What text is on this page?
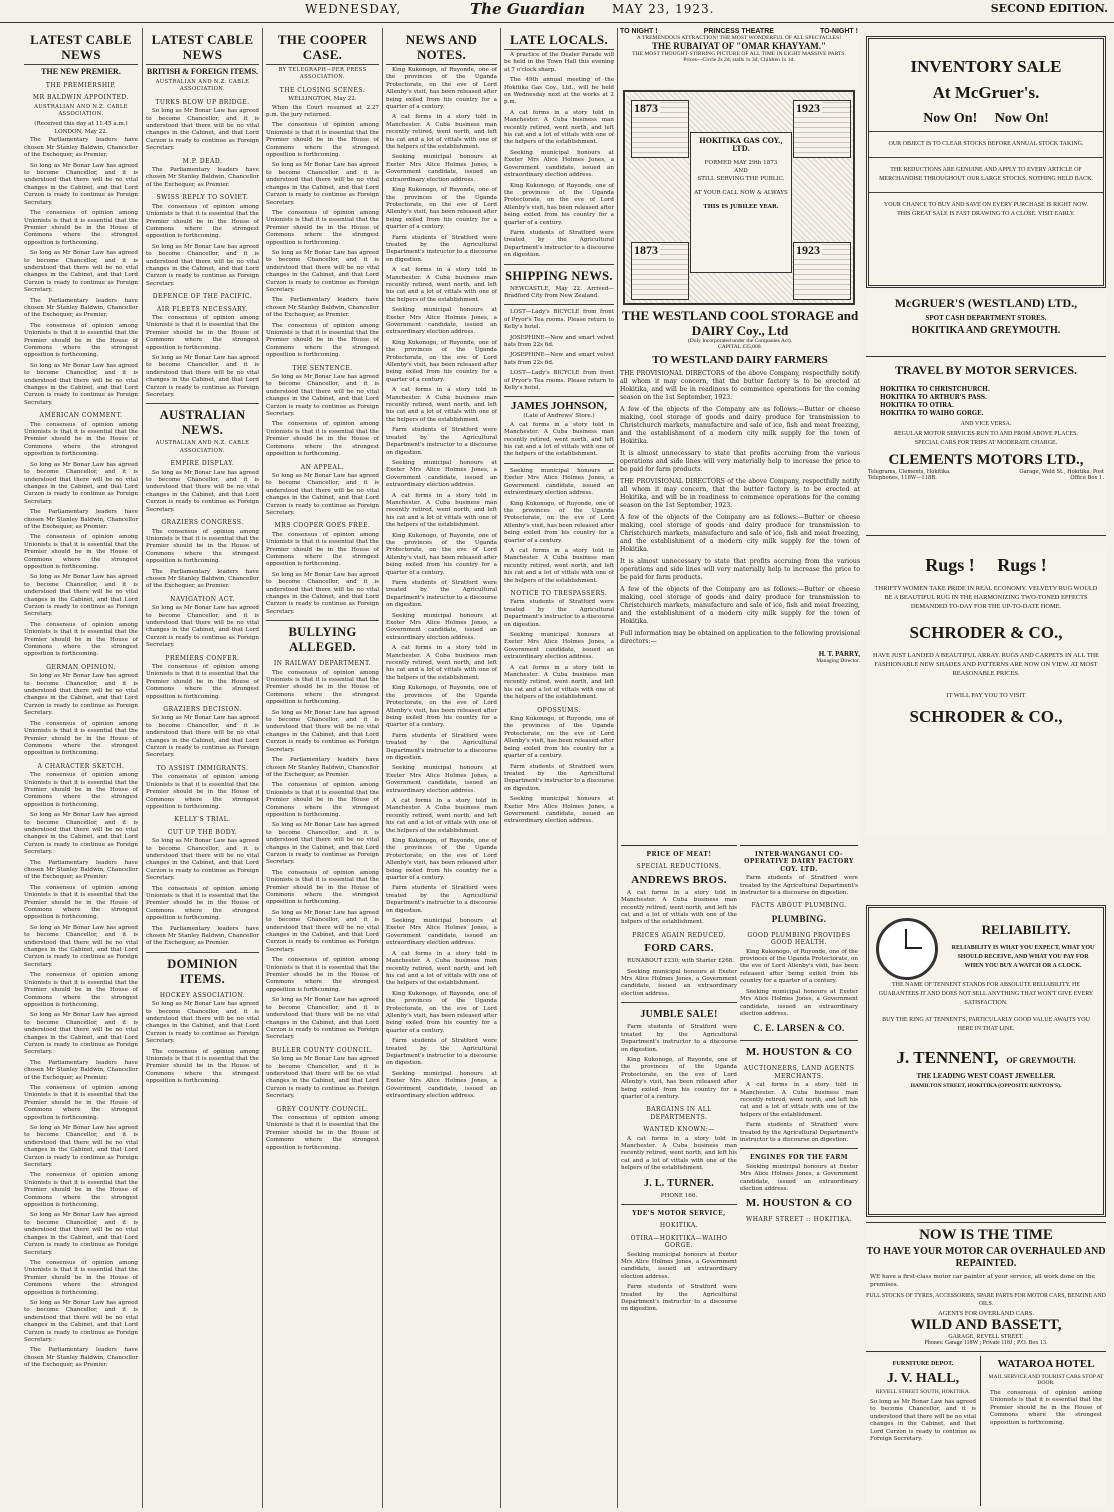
WEDNESDAY,	The Guardian MAY 23, 1923.	SECOND EDITION.
LATEST CABLE NEWS
THE NEW PREMIER.
THE PREMIERSHIP.
MR BALDWIN APPOINTED.
AUSTRALIAN AND N.Z. CABLE ASSOCIATION.
(Received this day at 11.45 a.m.)
LONDON, May 22.

The Parliamentary leaders have chosen Mr Stanley Baldwin, Chancellor of the Exchequer, as Premier.

So long as Mr Bonar Law has agreed to become Chancellor, and it is understood that there will be no vital changes in the Cabinet, and that Lord Curzon is ready to continue as Foreign Secretary.

The consensus of opinion among Unionists is that it is essential that the Premier should be in the House of Commons where the strongest opposition is forthcoming.

So long as Mr Bonar Law has agreed to become Chancellor, and it is understood that there will be no vital changes in the Cabinet, and that Lord Curzon is ready to continue as Foreign Secretary.

The Parliamentary leaders have chosen Mr Stanley Baldwin, Chancellor of the Exchequer, as Premier.

The consensus of opinion among Unionists is that it is essential that the Premier should be in the House of Commons where the strongest opposition is forthcoming.

So long as Mr Bonar Law has agreed to become Chancellor, and it is understood that there will be no vital changes in the Cabinet, and that Lord Curzon is ready to continue as Foreign Secretary.

AMERICAN COMMENT.

The consensus of opinion among Unionists is that it is essential that the Premier should be in the House of Commons where the strongest opposition is forthcoming.

So long as Mr Bonar Law has agreed to become Chancellor, and it is understood that there will be no vital changes in the Cabinet, and that Lord Curzon is ready to continue as Foreign Secretary.

The Parliamentary leaders have chosen Mr Stanley Baldwin, Chancellor of the Exchequer, as Premier.

The consensus of opinion among Unionists is that it is essential that the Premier should be in the House of Commons where the strongest opposition is forthcoming.

So long as Mr Bonar Law has agreed to become Chancellor, and it is understood that there will be no vital changes in the Cabinet, and that Lord Curzon is ready to continue as Foreign Secretary.

The consensus of opinion among Unionists is that it is essential that the Premier should be in the House of Commons where the strongest opposition is forthcoming.

GERMAN OPINION.

So long as Mr Bonar Law has agreed to become Chancellor, and it is understood that there will be no vital changes in the Cabinet, and that Lord Curzon is ready to continue as Foreign Secretary.

The consensus of opinion among Unionists is that it is essential that the Premier should be in the House of Commons where the strongest opposition is forthcoming.

A CHARACTER SKETCH.

The consensus of opinion among Unionists is that it is essential that the Premier should be in the House of Commons where the strongest opposition is forthcoming.

So long as Mr Bonar Law has agreed to become Chancellor, and it is understood that there will be no vital changes in the Cabinet, and that Lord Curzon is ready to continue as Foreign Secretary.

The Parliamentary leaders have chosen Mr Stanley Baldwin, Chancellor of the Exchequer, as Premier.

The consensus of opinion among Unionists is that it is essential that the Premier should be in the House of Commons where the strongest opposition is forthcoming.

So long as Mr Bonar Law has agreed to become Chancellor, and it is understood that there will be no vital changes in the Cabinet, and that Lord Curzon is ready to continue as Foreign Secretary.

The consensus of opinion among Unionists is that it is essential that the Premier should be in the House of Commons where the strongest opposition is forthcoming.

So long as Mr Bonar Law has agreed to become Chancellor, and it is understood that there will be no vital changes in the Cabinet, and that Lord Curzon is ready to continue as Foreign Secretary.

The Parliamentary leaders have chosen Mr Stanley Baldwin, Chancellor of the Exchequer, as Premier.

The consensus of opinion among Unionists is that it is essential that the Premier should be in the House of Commons where the strongest opposition is forthcoming.

So long as Mr Bonar Law has agreed to become Chancellor, and it is understood that there will be no vital changes in the Cabinet, and that Lord Curzon is ready to continue as Foreign Secretary.

The consensus of opinion among Unionists is that it is essential that the Premier should be in the House of Commons where the strongest opposition is forthcoming.

So long as Mr Bonar Law has agreed to become Chancellor, and it is understood that there will be no vital changes in the Cabinet, and that Lord Curzon is ready to continue as Foreign Secretary.

The consensus of opinion among Unionists is that it is essential that the Premier should be in the House of Commons where the strongest opposition is forthcoming.

So long as Mr Bonar Law has agreed to become Chancellor, and it is understood that there will be no vital changes in the Cabinet, and that Lord Curzon is ready to continue as Foreign Secretary.

The Parliamentary leaders have chosen Mr Stanley Baldwin, Chancellor of the Exchequer, as Premier.

LATEST CABLE NEWS
BRITISH & FOREIGN ITEMS.
AUSTRALIAN AND N.Z. CABLE ASSOCIATION.
TURKS BLOW UP BRIDGE.

So long as Mr Bonar Law has agreed to become Chancellor, and it is understood that there will be no vital changes in the Cabinet, and that Lord Curzon is ready to continue as Foreign Secretary.

M.P. DEAD.

The Parliamentary leaders have chosen Mr Stanley Baldwin, Chancellor of the Exchequer, as Premier.

SWISS REPLY TO SOVIET.

The consensus of opinion among Unionists is that it is essential that the Premier should be in the House of Commons where the strongest opposition is forthcoming.

So long as Mr Bonar Law has agreed to become Chancellor, and it is understood that there will be no vital changes in the Cabinet, and that Lord Curzon is ready to continue as Foreign Secretary.

DEFENCE OF THE PACIFIC.
AIR FLEETS NECESSARY.

The consensus of opinion among Unionists is that it is essential that the Premier should be in the House of Commons where the strongest opposition is forthcoming.

So long as Mr Bonar Law has agreed to become Chancellor, and it is understood that there will be no vital changes in the Cabinet, and that Lord Curzon is ready to continue as Foreign Secretary.

AUSTRALIAN NEWS.
AUSTRALIAN AND N.Z. CABLE ASSOCIATION.
EMPIRE DISPLAY.

So long as Mr Bonar Law has agreed to become Chancellor, and it is understood that there will be no vital changes in the Cabinet, and that Lord Curzon is ready to continue as Foreign Secretary.

GRAZIERS CONGRESS.

The consensus of opinion among Unionists is that it is essential that the Premier should be in the House of Commons where the strongest opposition is forthcoming.

The Parliamentary leaders have chosen Mr Stanley Baldwin, Chancellor of the Exchequer, as Premier.

NAVIGATION ACT.

So long as Mr Bonar Law has agreed to become Chancellor, and it is understood that there will be no vital changes in the Cabinet, and that Lord Curzon is ready to continue as Foreign Secretary.

PREMIERS CONFER.

The consensus of opinion among Unionists is that it is essential that the Premier should be in the House of Commons where the strongest opposition is forthcoming.

GRAZIERS DECISION.

So long as Mr Bonar Law has agreed to become Chancellor, and it is understood that there will be no vital changes in the Cabinet, and that Lord Curzon is ready to continue as Foreign Secretary.

TO ASSIST IMMIGRANTS.

The consensus of opinion among Unionists is that it is essential that the Premier should be in the House of Commons where the strongest opposition is forthcoming.

KELLY'S TRIAL.
CUT UP THE BODY.

So long as Mr Bonar Law has agreed to become Chancellor, and it is understood that there will be no vital changes in the Cabinet, and that Lord Curzon is ready to continue as Foreign Secretary.

The consensus of opinion among Unionists is that it is essential that the Premier should be in the House of Commons where the strongest opposition is forthcoming.

The Parliamentary leaders have chosen Mr Stanley Baldwin, Chancellor of the Exchequer, as Premier.

DOMINION ITEMS.
HOCKEY ASSOCIATION.

So long as Mr Bonar Law has agreed to become Chancellor, and it is understood that there will be no vital changes in the Cabinet, and that Lord Curzon is ready to continue as Foreign Secretary.

The consensus of opinion among Unionists is that it is essential that the Premier should be in the House of Commons where the strongest opposition is forthcoming.

THE COOPER CASE.
BY TELEGRAPH—PER PRESS ASSOCIATION.
THE CLOSING SCENES.
WELLINGTON, May 22.

When the Court resumed at 2.27 p.m. the jury returned.

The consensus of opinion among Unionists is that it is essential that the Premier should be in the House of Commons where the strongest opposition is forthcoming.

So long as Mr Bonar Law has agreed to become Chancellor, and it is understood that there will be no vital changes in the Cabinet, and that Lord Curzon is ready to continue as Foreign Secretary.

The consensus of opinion among Unionists is that it is essential that the Premier should be in the House of Commons where the strongest opposition is forthcoming.

So long as Mr Bonar Law has agreed to become Chancellor, and it is understood that there will be no vital changes in the Cabinet, and that Lord Curzon is ready to continue as Foreign Secretary.

The Parliamentary leaders have chosen Mr Stanley Baldwin, Chancellor of the Exchequer, as Premier.

The consensus of opinion among Unionists is that it is essential that the Premier should be in the House of Commons where the strongest opposition is forthcoming.

THE SENTENCE.

So long as Mr Bonar Law has agreed to become Chancellor, and it is understood that there will be no vital changes in the Cabinet, and that Lord Curzon is ready to continue as Foreign Secretary.

The consensus of opinion among Unionists is that it is essential that the Premier should be in the House of Commons where the strongest opposition is forthcoming.

AN APPEAL.

So long as Mr Bonar Law has agreed to become Chancellor, and it is understood that there will be no vital changes in the Cabinet, and that Lord Curzon is ready to continue as Foreign Secretary.

MRS COOPER GOES FREE.

The consensus of opinion among Unionists is that it is essential that the Premier should be in the House of Commons where the strongest opposition is forthcoming.

So long as Mr Bonar Law has agreed to become Chancellor, and it is understood that there will be no vital changes in the Cabinet, and that Lord Curzon is ready to continue as Foreign Secretary.

BULLYING ALLEGED.
IN RAILWAY DEPARTMENT.

The consensus of opinion among Unionists is that it is essential that the Premier should be in the House of Commons where the strongest opposition is forthcoming.

So long as Mr Bonar Law has agreed to become Chancellor, and it is understood that there will be no vital changes in the Cabinet, and that Lord Curzon is ready to continue as Foreign Secretary.

The Parliamentary leaders have chosen Mr Stanley Baldwin, Chancellor of the Exchequer, as Premier.

The consensus of opinion among Unionists is that it is essential that the Premier should be in the House of Commons where the strongest opposition is forthcoming.

So long as Mr Bonar Law has agreed to become Chancellor, and it is understood that there will be no vital changes in the Cabinet, and that Lord Curzon is ready to continue as Foreign Secretary.

The consensus of opinion among Unionists is that it is essential that the Premier should be in the House of Commons where the strongest opposition is forthcoming.

So long as Mr Bonar Law has agreed to become Chancellor, and it is understood that there will be no vital changes in the Cabinet, and that Lord Curzon is ready to continue as Foreign Secretary.

The consensus of opinion among Unionists is that it is essential that the Premier should be in the House of Commons where the strongest opposition is forthcoming.

So long as Mr Bonar Law has agreed to become Chancellor, and it is understood that there will be no vital changes in the Cabinet, and that Lord Curzon is ready to continue as Foreign Secretary.

BULLER COUNTY COUNCIL.

So long as Mr Bonar Law has agreed to become Chancellor, and it is understood that there will be no vital changes in the Cabinet, and that Lord Curzon is ready to continue as Foreign Secretary.

GREY COUNTY COUNCIL.

The consensus of opinion among Unionists is that it is essential that the Premier should be in the House of Commons where the strongest opposition is forthcoming.

NEWS AND NOTES.

King Kukonogo, of Ruyonde, one of the provinces of the Uganda Protectorate, on the eve of Lord Allenby's visit, has been released after being exiled from his country for a quarter of a century.

A cat forms in a story told in Manchester. A Cuba business man recently retired, went north, and left his cat and a lot of vittals with one of the helpers of the establishment.

Seeking municipal honours at Exeter Mrs Alice Holmes Jones, a Government candidate, issued an extraordinary election address.

King Kukonogo, of Ruyonde, one of the provinces of the Uganda Protectorate, on the eve of Lord Allenby's visit, has been released after being exiled from his country for a quarter of a century.

Farm students of Stratford were treated by the Agricultural Department's instructor to a discourse on digestion.

A cat forms in a story told in Manchester. A Cuba business man recently retired, went north, and left his cat and a lot of vittals with one of the helpers of the establishment.

Seeking municipal honours at Exeter Mrs Alice Holmes Jones, a Government candidate, issued an extraordinary election address.

King Kukonogo, of Ruyonde, one of the provinces of the Uganda Protectorate, on the eve of Lord Allenby's visit, has been released after being exiled from his country for a quarter of a century.

A cat forms in a story told in Manchester. A Cuba business man recently retired, went north, and left his cat and a lot of vittals with one of the helpers of the establishment.

Farm students of Stratford were treated by the Agricultural Department's instructor to a discourse on digestion.

Seeking municipal honours at Exeter Mrs Alice Holmes Jones, a Government candidate, issued an extraordinary election address.

A cat forms in a story told in Manchester. A Cuba business man recently retired, went north, and left his cat and a lot of vittals with one of the helpers of the establishment.

King Kukonogo, of Ruyonde, one of the provinces of the Uganda Protectorate, on the eve of Lord Allenby's visit, has been released after being exiled from his country for a quarter of a century.

Farm students of Stratford were treated by the Agricultural Department's instructor to a discourse on digestion.

Seeking municipal honours at Exeter Mrs Alice Holmes Jones, a Government candidate, issued an extraordinary election address.

A cat forms in a story told in Manchester. A Cuba business man recently retired, went north, and left his cat and a lot of vittals with one of the helpers of the establishment.

King Kukonogo, of Ruyonde, one of the provinces of the Uganda Protectorate, on the eve of Lord Allenby's visit, has been released after being exiled from his country for a quarter of a century.

Farm students of Stratford were treated by the Agricultural Department's instructor to a discourse on digestion.

Seeking municipal honours at Exeter Mrs Alice Holmes Jones, a Government candidate, issued an extraordinary election address.

A cat forms in a story told in Manchester. A Cuba business man recently retired, went north, and left his cat and a lot of vittals with one of the helpers of the establishment.

King Kukonogo, of Ruyonde, one of the provinces of the Uganda Protectorate, on the eve of Lord Allenby's visit, has been released after being exiled from his country for a quarter of a century.

Farm students of Stratford were treated by the Agricultural Department's instructor to a discourse on digestion.

Seeking municipal honours at Exeter Mrs Alice Holmes Jones, a Government candidate, issued an extraordinary election address.

A cat forms in a story told in Manchester. A Cuba business man recently retired, went north, and left his cat and a lot of vittals with one of the helpers of the establishment.

King Kukonogo, of Ruyonde, one of the provinces of the Uganda Protectorate, on the eve of Lord Allenby's visit, has been released after being exiled from his country for a quarter of a century.

Farm students of Stratford were treated by the Agricultural Department's instructor to a discourse on digestion.

Seeking municipal honours at Exeter Mrs Alice Holmes Jones, a Government candidate, issued an extraordinary election address.

LATE LOCALS.

A practice of the Dealer Parade will be held in the Town Hall this evening at 7 o'clock sharp.

The 49th annual meeting of the Hokitika Gas Coy., Ltd., will be held on Wednesday next at the works at 2 p.m.

A cat forms in a story told in Manchester. A Cuba business man recently retired, went north, and left his cat and a lot of vittals with one of the helpers of the establishment.

Seeking municipal honours at Exeter Mrs Alice Holmes Jones, a Government candidate, issued an extraordinary election address.

King Kukonogo, of Ruyonde, one of the provinces of the Uganda Protectorate, on the eve of Lord Allenby's visit, has been released after being exiled from his country for a quarter of a century.

Farm students of Stratford were treated by the Agricultural Department's instructor to a discourse on digestion.

SHIPPING NEWS.

NEWCASTLE, May 22. Arrived—Bradford City from New Zealand.

LOST—Lady's BICYCLE from front of Pryor's Tea rooms. Please return to Kelly's hotel.

JOSEPHINE—New and smart velvet hats from 22s 6d.

JOSEPHINE—New and smart velvet hats from 22s 6d.

LOST—Lady's BICYCLE from front of Pryor's Tea rooms. Please return to Kelly's hotel.

JAMES JOHNSON,
(Late of Andrews' Store.)

A cat forms in a story told in Manchester. A Cuba business man recently retired, went north, and left his cat and a lot of vittals with one of the helpers of the establishment.

Seeking municipal honours at Exeter Mrs Alice Holmes Jones, a Government candidate, issued an extraordinary election address.

King Kukonogo, of Ruyonde, one of the provinces of the Uganda Protectorate, on the eve of Lord Allenby's visit, has been released after being exiled from his country for a quarter of a century.

A cat forms in a story told in Manchester. A Cuba business man recently retired, went north, and left his cat and a lot of vittals with one of the helpers of the establishment.

NOTICE TO TRESPASSERS.

Farm students of Stratford were treated by the Agricultural Department's instructor to a discourse on digestion.

Seeking municipal honours at Exeter Mrs Alice Holmes Jones, a Government candidate, issued an extraordinary election address.

A cat forms in a story told in Manchester. A Cuba business man recently retired, went north, and left his cat and a lot of vittals with one of the helpers of the establishment.

OPOSSUMS.

King Kukonogo, of Ruyonde, one of the provinces of the Uganda Protectorate, on the eve of Lord Allenby's visit, has been released after being exiled from his country for a quarter of a century.

Farm students of Stratford were treated by the Agricultural Department's instructor to a discourse on digestion.

Seeking municipal honours at Exeter Mrs Alice Holmes Jones, a Government candidate, issued an extraordinary election address.

TO NIGHT !	PRINCESS THEATRE	TO-NIGHT !
A TREMENDOUS ATTRACTION! THE MOST WONDERFUL OF ALL SPECTACLES!
THE RUBAIYAT OF "OMAR KHAYYAM."
THE MOST THOUGHT-STIRRING PICTURE OF ALL TIME IN EIGHT MASSIVE PARTS.
Prices—Circle 2s 2d; stalls 1s 3d; Children 1s 1d.
1873	1923
1873	1923
HOKITIKA GAS COY., LTD.
FORMED MAY 29th 1873
AND
STILL SERVING THE PUBLIC.
AT YOUR CALL NOW & ALWAYS
THIS IS JUBILEE YEAR.
THE WESTLAND COOL STORAGE and DAIRY Coy., Ltd
(Duly Incorporated under the Companies Act).
CAPITAL £35,000.
TO WESTLAND DAIRY FARMERS

THE PROVISIONAL DIRECTORS of the above Company, respectfully notify all whom it may concern, that the butter factory is to be erected at Hokitika, and will be in readiness to commence operations for the coming season on the 1st September, 1923.

A few of the objects of the Company are as follows:—Butter or cheese making, cool storage of goods and dairy produce for transmission to Christchurch markets, manufacture and sale of ice, fish and meat freezing, and the establishment of a modern city milk supply for the town of Hokitika.

It is almost unnecessary to state that profits accruing from the various operations and side lines will very materially help to increase the price to be paid for farm products.

THE PROVISIONAL DIRECTORS of the above Company, respectfully notify all whom it may concern, that the butter factory is to be erected at Hokitika, and will be in readiness to commence operations for the coming season on the 1st September, 1923.

A few of the objects of the Company are as follows:—Butter or cheese making, cool storage of goods and dairy produce for transmission to Christchurch markets, manufacture and sale of ice, fish and meat freezing, and the establishment of a modern city milk supply for the town of Hokitika.

It is almost unnecessary to state that profits accruing from the various operations and side lines will very materially help to increase the price to be paid for farm products.

A few of the objects of the Company are as follows:—Butter or cheese making, cool storage of goods and dairy produce for transmission to Christchurch markets, manufacture and sale of ice, fish and meat freezing, and the establishment of a modern city milk supply for the town of Hokitika.

Full information may be obtained on application to the following provisional directors:—

H. T. PARRY,
Managing Director.
INVENTORY SALE
At McGruer's.
Now On!     Now On!
OUR OBJECT IS TO CLEAR STOCKS BEFORE ANNUAL STOCK TAKING.
THE REDUCTIONS ARE GENUINE AND APPLY TO EVERY ARTICLE OF MERCHANDISE THROUGHOUT OUR LARGE STOCKS. NOTHING HELD BACK.
YOUR CHANCE TO BUY AND SAVE ON EVERY PURCHASE IS RIGHT NOW. THIS GREAT SALE IS FAST DRAWING TO A CLOSE. VISIT EARLY.
McGRUER'S (WESTLAND) LTD.,
SPOT CASH DEPARTMENT STORES.
HOKITIKA AND GREYMOUTH.
TRAVEL BY MOTOR SERVICES.
HOKITIKA TO CHRISTCHURCH.
HOKITIKA TO ARTHUR'S PASS.
HOKITIKA TO OTIRA.
HOKITIKA TO WAIHO GORGE.
AND VICE VERSA.
REGULAR MOTOR SERVICES RUN TO AND FROM ABOVE PLACES.
SPECIAL CARS FOR TRIPS AT MODERATE CHARGE.
CLEMENTS MOTORS LTD.,
Telegrams, Clements, Hokitika. Telephones, 118W—118B.
Garage, Weld St., Hokitika. Post Office Box 1.
Rugs !     Rugs !
THRIFTY WOMEN TAKE PRIDE IN REAL ECONOMY. VELVETY RUG WOULD BE A BEAUTIFUL RUG IN THE HARMONIZING TWO-TONED EFFECTS DEMANDED TO-DAY FOR THE UP-TO-DATE HOME.
SCHRODER & CO.,
HAVE JUST LANDED A BEAUTIFUL ARRAY. RUGS AND CARPETS IN ALL THE FASHIONABLE NEW SHADES AND PATTERNS ARE NOW ON VIEW. AT MOST REASONABLE PRICES.
IT WILL PAY YOU TO VISIT
SCHRODER & CO.,
RELIABILITY.
RELIABILITY IS WHAT YOU EXPECT, WHAT YOU SHOULD RECEIVE, AND WHAT YOU PAY FOR WHEN YOU BUY A WATCH OR A CLOCK.
THE NAME OF TENNENT STANDS FOR ABSOLUTE RELIABILITY. HE GUARANTEES IT AND DOES NOT SELL ANYTHING THAT WON'T GIVE EVERY SATISFACTION.
BUY THE RING AT TENNENT'S, PARTICULARLY GOOD VALUE AWAITS YOU HERE IN THAT LINE.
J. TENNENT, OF GREYMOUTH.
THE LEADING WEST COAST JEWELLER.
HAMILTON STREET, HOKITIKA (OPPOSITE RENTON'S).
NOW IS THE TIME
TO HAVE YOUR MOTOR CAR OVERHAULED AND REPAINTED.
WE have a first-class motor car painter at your service, all work done on the premises.
FULL STOCKS OF TYRES, ACCESSORIES, SPARE PARTS FOR MOTOR CARS, BENZINE AND OILS.
AGENTS FOR OVERLAND CARS.
WILD AND BASSETT,
GARAGE, REVELL STREET.
Phones: Garage 118W ; Private 118J ; P.O. Box 13.
FURNITURE DEPOT.
J. V. HALL,
REVELL STREET SOUTH, HOKITIKA.

So long as Mr Bonar Law has agreed to become Chancellor, and it is understood that there will be no vital changes in the Cabinet, and that Lord Curzon is ready to continue as Foreign Secretary.

WATAROA HOTEL
MAIL SERVICE AND TOURIST CARS STOP AT DOOR.

The consensus of opinion among Unionists is that it is essential that the Premier should be in the House of Commons where the strongest opposition is forthcoming.

PRICE OF MEAT!
SPECIAL REDUCTIONS.
ANDREWS BROS.

A cat forms in a story told in Manchester. A Cuba business man recently retired, went north, and left his cat and a lot of vittals with one of the helpers of the establishment.

PRICES AGAIN REDUCED.
FORD CARS.

RUNABOUT £230; with Starter £268.

Seeking municipal honours at Exeter Mrs Alice Holmes Jones, a Government candidate, issued an extraordinary election address.

JUMBLE SALE!

Farm students of Stratford were treated by the Agricultural Department's instructor to a discourse on digestion.

King Kukonogo, of Ruyonde, one of the provinces of the Uganda Protectorate, on the eve of Lord Allenby's visit, has been released after being exiled from his country for a quarter of a century.

BARGAINS IN ALL DEPARTMENTS.
WANTED KNOWN:—

A cat forms in a story told in Manchester. A Cuba business man recently retired, went north, and left his cat and a lot of vittals with one of the helpers of the establishment.

J. L. TURNER.
PHONE 166.
YDE'S MOTOR SERVICE,
HOKITIKA.
OTIRA—HOKITIKA—WAIHO GORGE.

Seeking municipal honours at Exeter Mrs Alice Holmes Jones, a Government candidate, issued an extraordinary election address.

Farm students of Stratford were treated by the Agricultural Department's instructor to a discourse on digestion.

INTER-WANGANUI CO-OPERATIVE DAIRY FACTORY COY. LTD.

Farm students of Stratford were treated by the Agricultural Department's instructor to a discourse on digestion.

FACTS ABOUT PLUMBING.
PLUMBING.
GOOD PLUMBING PROVIDES GOOD HEALTH.

King Kukonogo, of Ruyonde, one of the provinces of the Uganda Protectorate, on the eve of Lord Allenby's visit, has been released after being exiled from his country for a quarter of a century.

Seeking municipal honours at Exeter Mrs Alice Holmes Jones, a Government candidate, issued an extraordinary election address.

C. E. LARSEN & CO.
M. HOUSTON & CO
AUCTIONEERS, LAND AGENTS MERCHANTS.

A cat forms in a story told in Manchester. A Cuba business man recently retired, went north, and left his cat and a lot of vittals with one of the helpers of the establishment.

Farm students of Stratford were treated by the Agricultural Department's instructor to a discourse on digestion.

ENGINES FOR THE FARM

Seeking municipal honours at Exeter Mrs Alice Holmes Jones, a Government candidate, issued an extraordinary election address.

M. HOUSTON & CO
WHARF STREET :: HOKITIKA.
